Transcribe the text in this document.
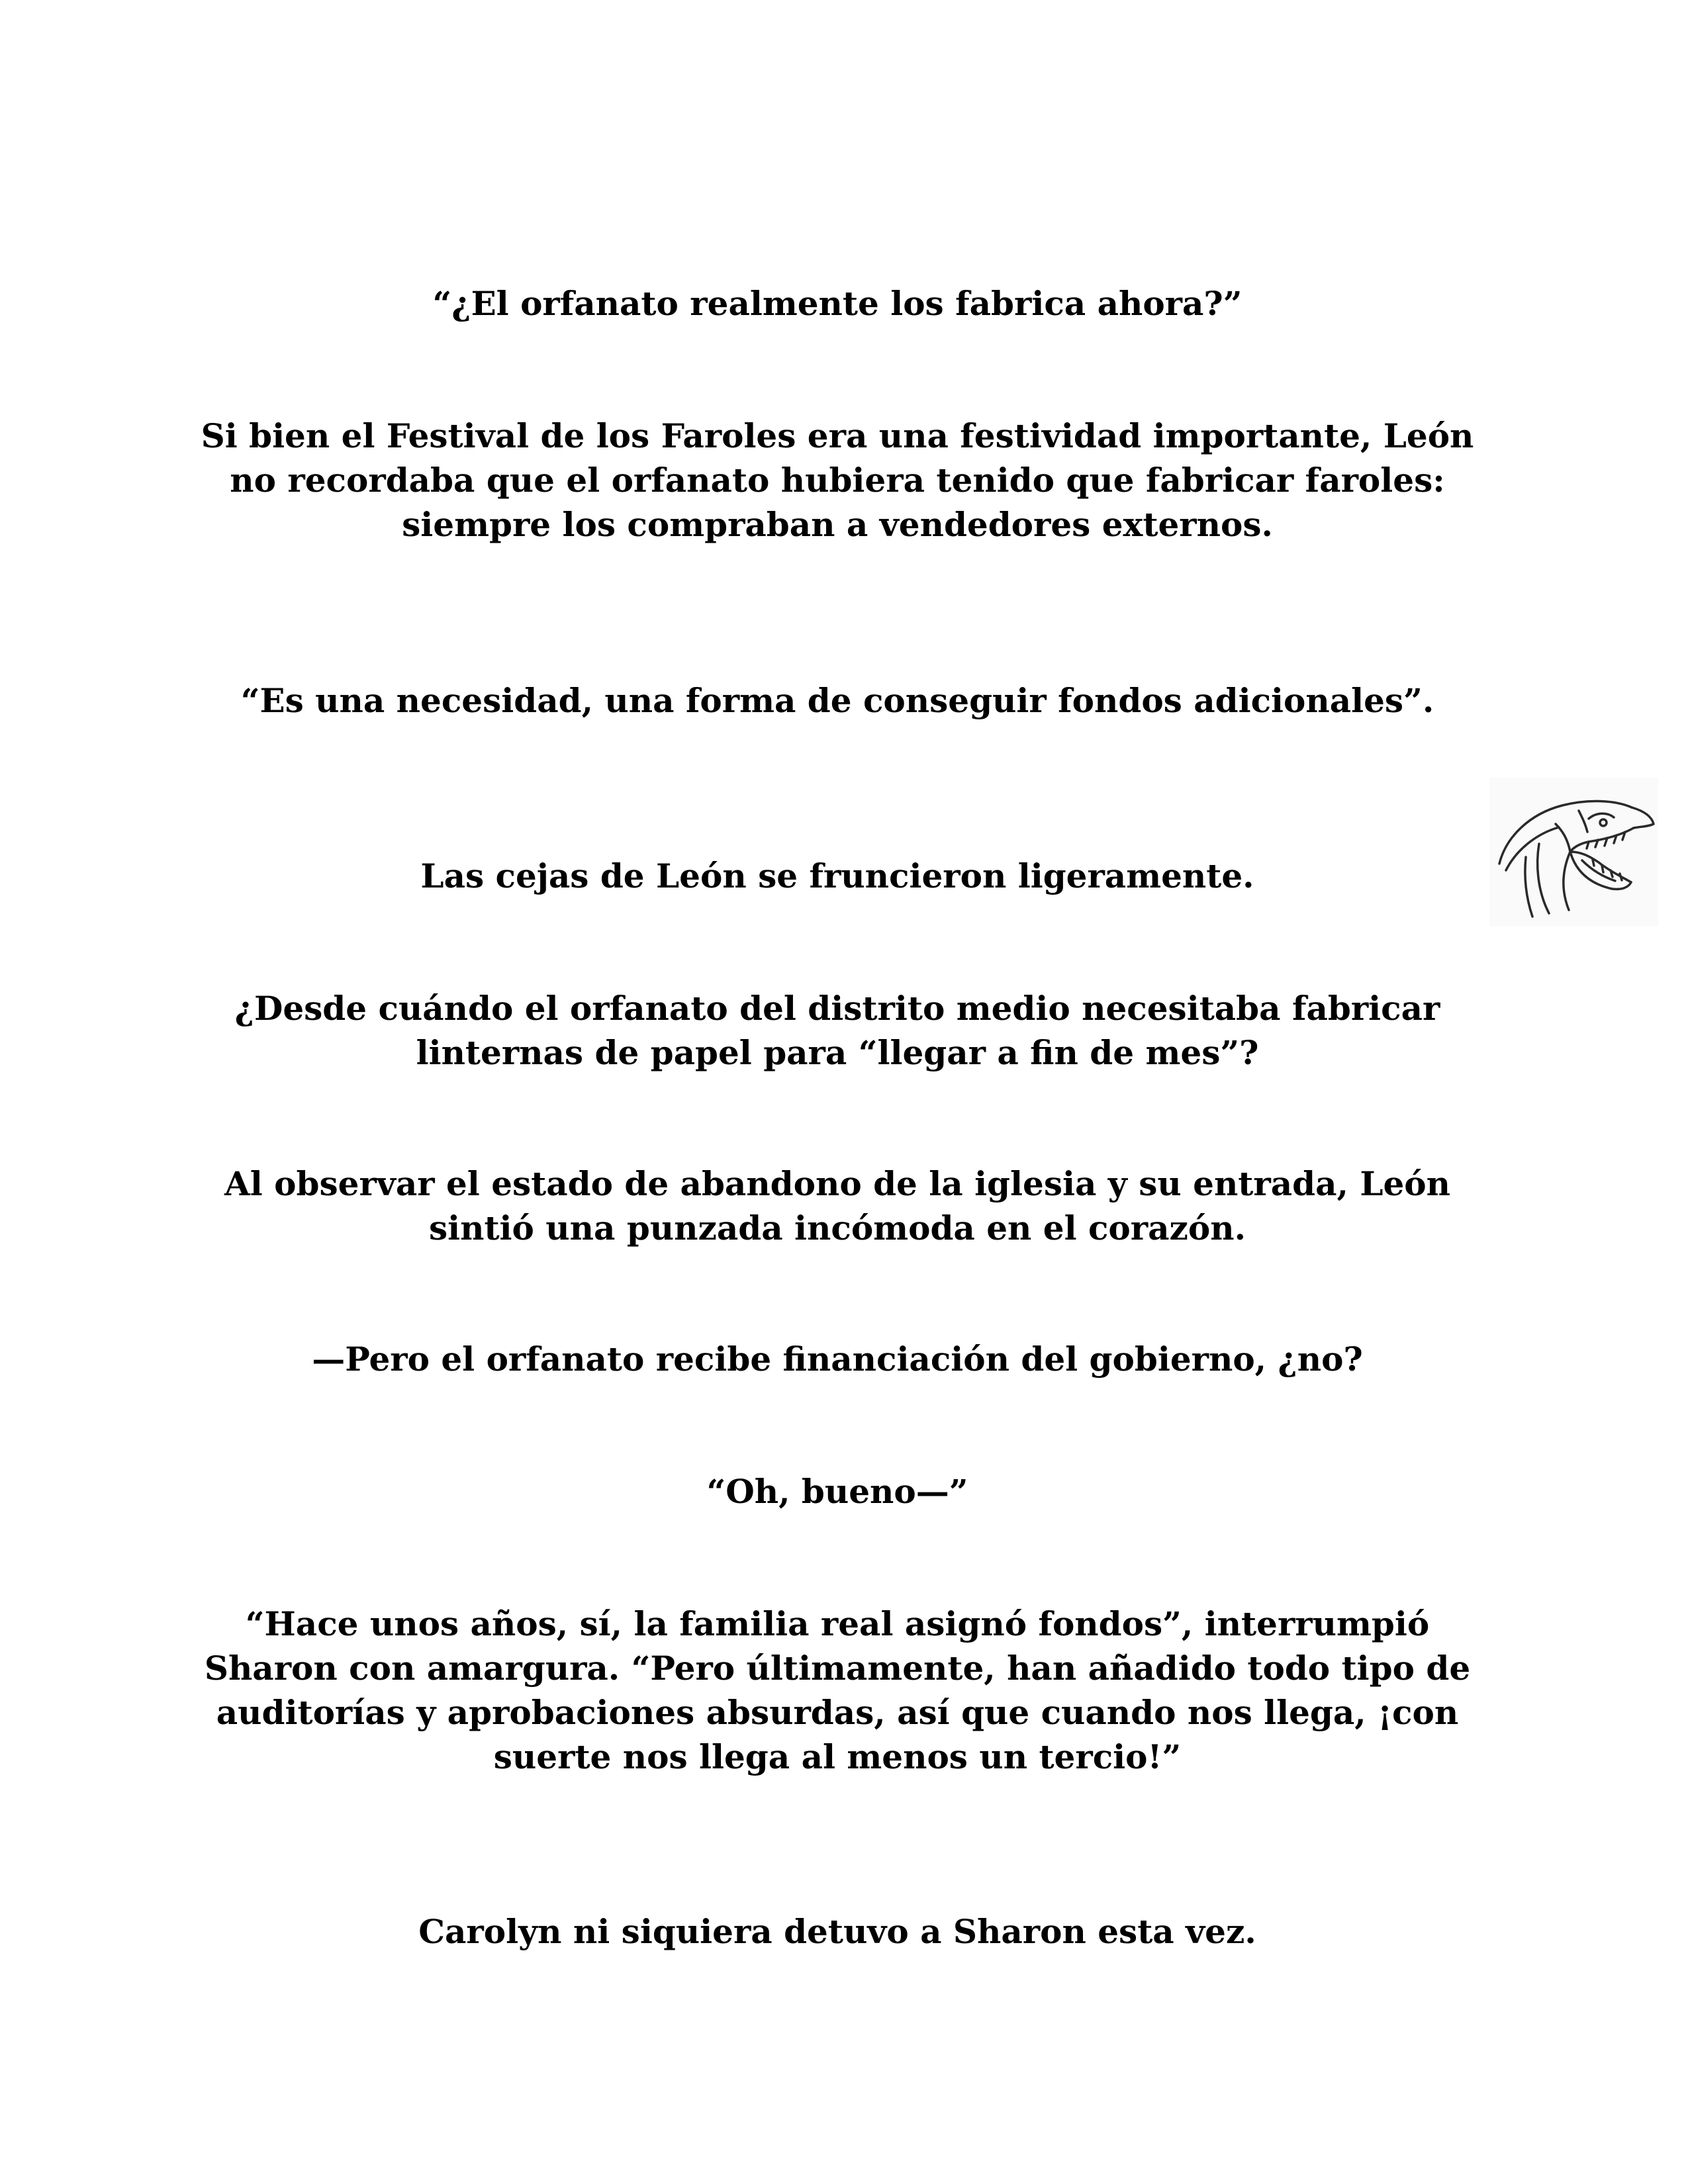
“¿El orfanato realmente los fabrica ahora?”

Si bien el Festival de los Faroles era una festividad importante, León no recordaba que el orfanato hubiera tenido que fabricar faroles: siempre los compraban a vendedores externos.

“Es una necesidad, una forma de conseguir fondos adicionales”.

Las cejas de León se fruncieron ligeramente.

¿Desde cuándo el orfanato del distrito medio necesitaba fabricar linternas de papel para “llegar a fin de mes”?

Al observar el estado de abandono de la iglesia y su entrada, León sintió una punzada incómoda en el corazón.

—Pero el orfanato recibe financiación del gobierno, ¿no?

“Oh, bueno—”

“Hace unos años, sí, la familia real asignó fondos”, interrumpió Sharon con amargura. “Pero últimamente, han añadido todo tipo de auditorías y aprobaciones absurdas, así que cuando nos llega, ¡con suerte nos llega al menos un tercio!”

Carolyn ni siquiera detuvo a Sharon esta vez.
